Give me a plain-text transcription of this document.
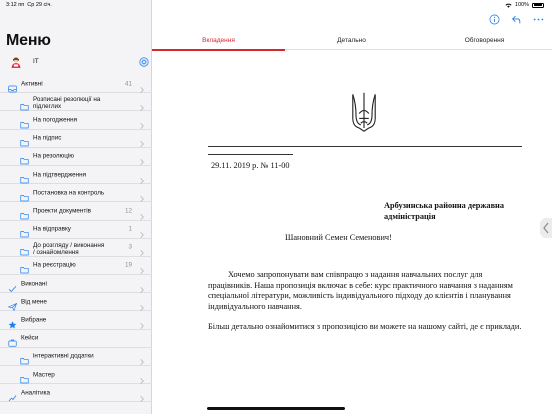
3:12 пп Ср 29 січ.	100%
Меню
IT
Активні	41
Розписані резолюції на підлеглих
На погодження
На підпис
На резолюцію
На підтвердження
Постановка на контроль
Проекти документів	12
На відправку	1
До розгляду / виконання / ознайомлення
3
На реєстрацію	19
Виконані
Від мене
Вибране
Кейси
інтерактивні додатки
Мастер
Аналітика
Вкладення	Детально	Обговорення
29.11. 2019 р. № 11-00
Арбузинська районна державна адміністрація
Шановний Семен Семенович!
Хочемо запропонувати вам співпрацю з надання навчальних послуг для працівників. Наша пропозиція включає в себе: курс практичного навчання з наданням спеціальної літератури, можливість індивідуального підходу до клієнтів і планування індивідуального навчання.
Більш детально ознайомитися з пропозицією ви можете на нашому сайті, де є приклади.
